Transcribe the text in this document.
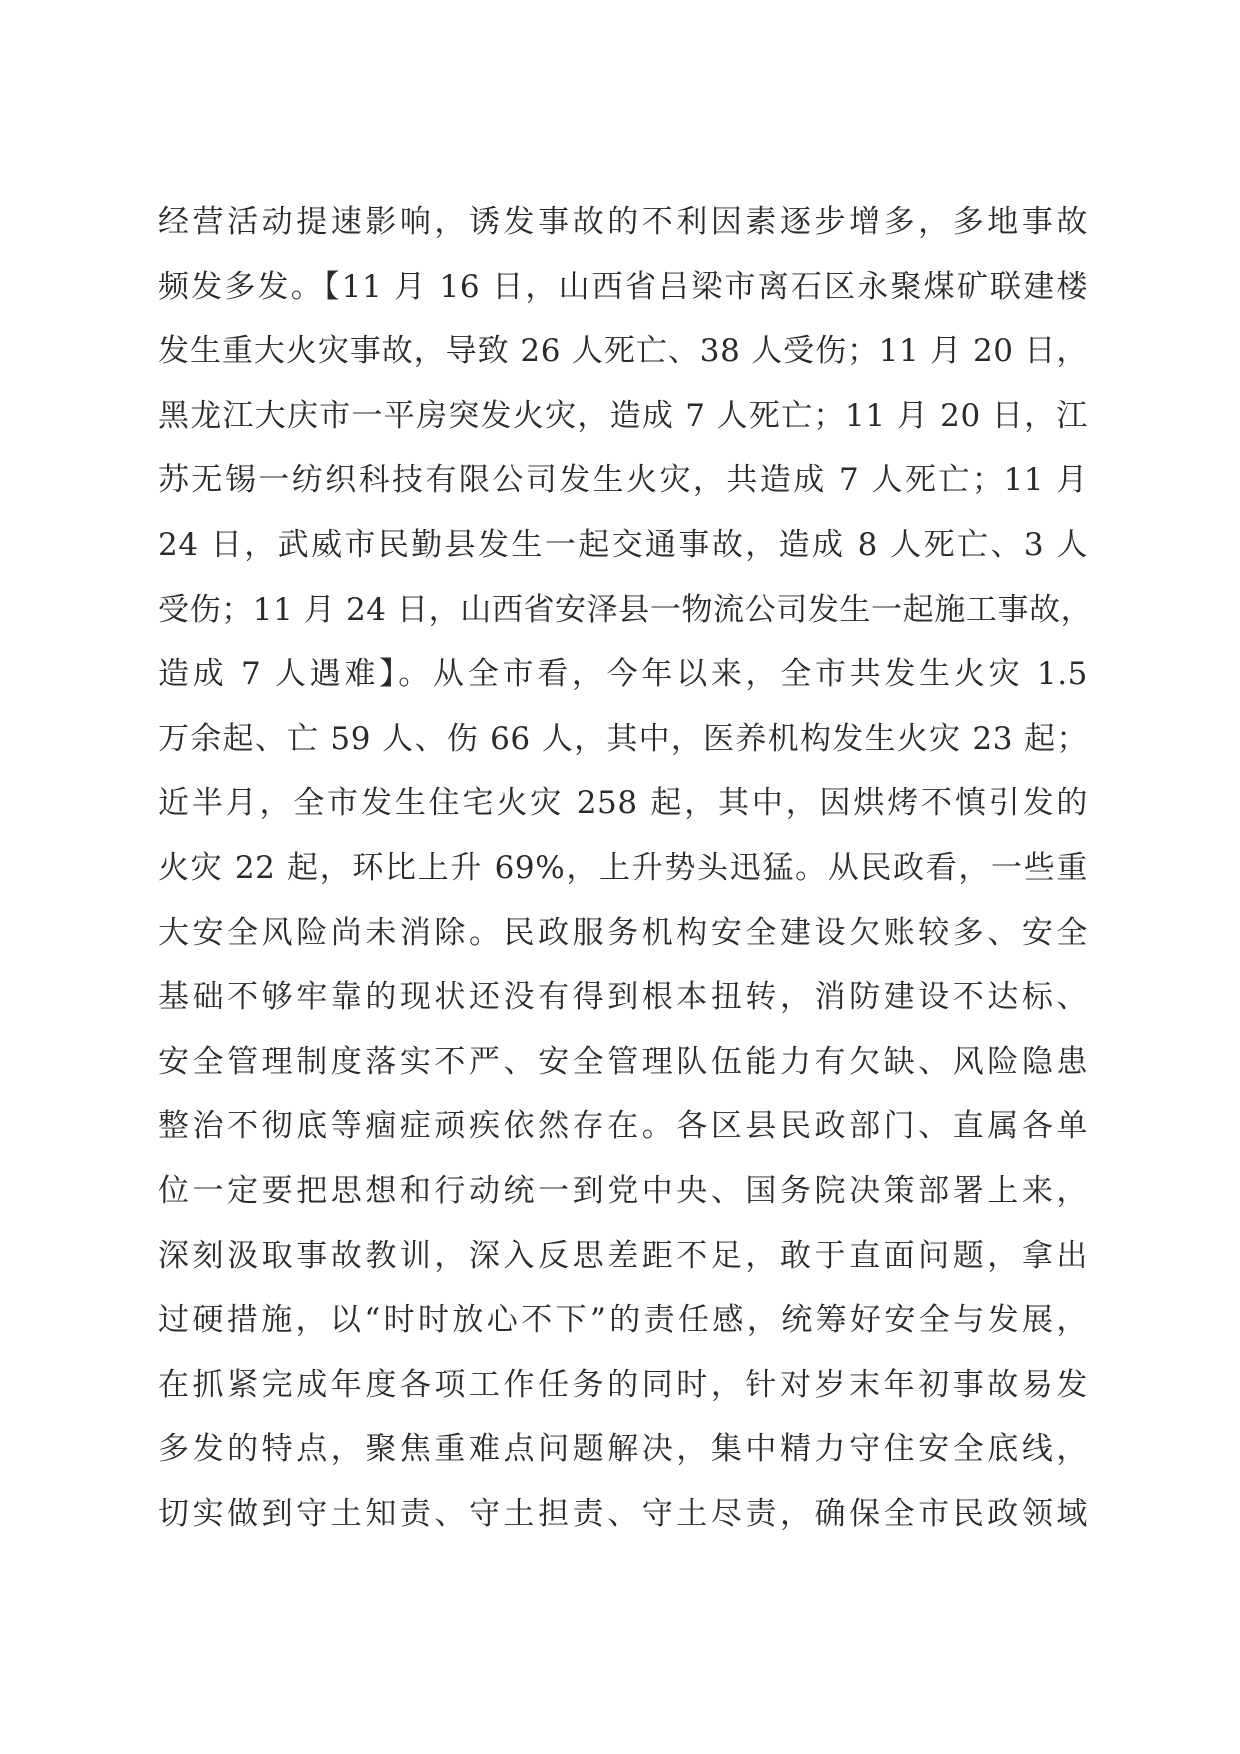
经营活动提速影响，诱发事故的不利因素逐步增多，多地事故
频发多发。【11 月 16 日，山西省吕梁市离石区永聚煤矿联建楼
发生重大火灾事故，导致 26 人死亡、38 人受伤；11 月 20 日，
黑龙江大庆市一平房突发火灾，造成 7 人死亡；11 月 20 日，江
苏无锡一纺织科技有限公司发生火灾，共造成 7 人死亡；11 月
24 日，武威市民勤县发生一起交通事故，造成 8 人死亡、3 人
受伤；11 月 24 日，山西省安泽县一物流公司发生一起施工事故，
造成 7 人遇难】。从全市看，今年以来，全市共发生火灾 1.5
万余起、亡 59 人、伤 66 人，其中，医养机构发生火灾 23 起；
近半月，全市发生住宅火灾 258 起，其中，因烘烤不慎引发的
火灾 22 起，环比上升 69%，上升势头迅猛。从民政看，一些重
大安全风险尚未消除。民政服务机构安全建设欠账较多、安全
基础不够牢靠的现状还没有得到根本扭转，消防建设不达标、
安全管理制度落实不严、安全管理队伍能力有欠缺、风险隐患
整治不彻底等痼症顽疾依然存在。各区县民政部门、直属各单
位一定要把思想和行动统一到党中央、国务院决策部署上来，
深刻汲取事故教训，深入反思差距不足，敢于直面问题，拿出
过硬措施，以“时时放心不下”的责任感，统筹好安全与发展，
在抓紧完成年度各项工作任务的同时，针对岁末年初事故易发
多发的特点，聚焦重难点问题解决，集中精力守住安全底线，
切实做到守土知责、守土担责、守土尽责，确保全市民政领域
